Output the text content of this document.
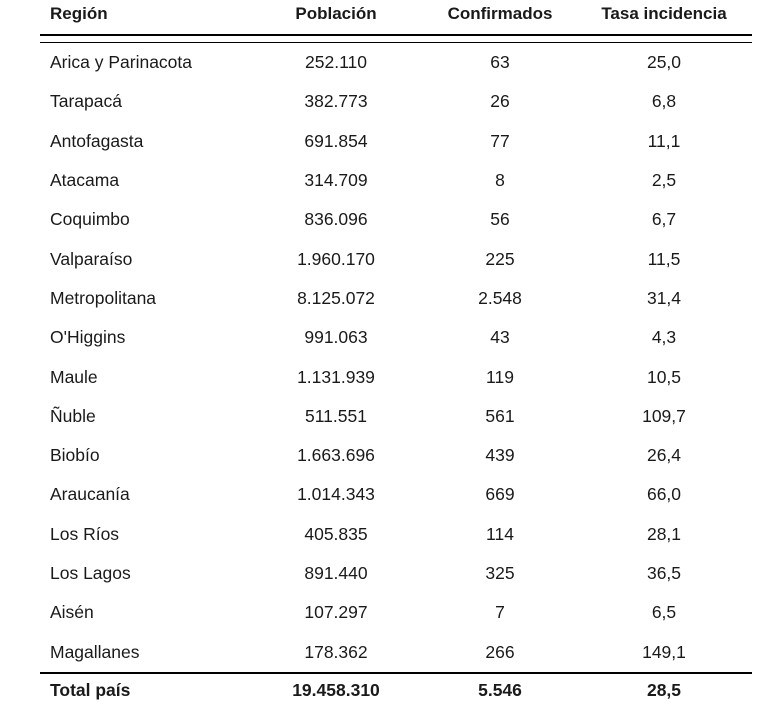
Región	Población	Confirmados	Tasa incidencia

Arica y Parinacota	252.110	63	25,0
Tarapacá	382.773	26	6,8
Antofagasta	691.854	77	11,1
Atacama	314.709	8	2,5
Coquimbo	836.096	56	6,7
Valparaíso	1.960.170	225	11,5
Metropolitana	8.125.072	2.548	31,4
O'Higgins	991.063	43	4,3
Maule	1.131.939	119	10,5
Ñuble	511.551	561	109,7
Biobío	1.663.696	439	26,4
Araucanía	1.014.343	669	66,0
Los Ríos	405.835	114	28,1
Los Lagos	891.440	325	36,5
Aisén	107.297	7	6,5
Magallanes	178.362	266	149,1
Total país	19.458.310	5.546	28,5
